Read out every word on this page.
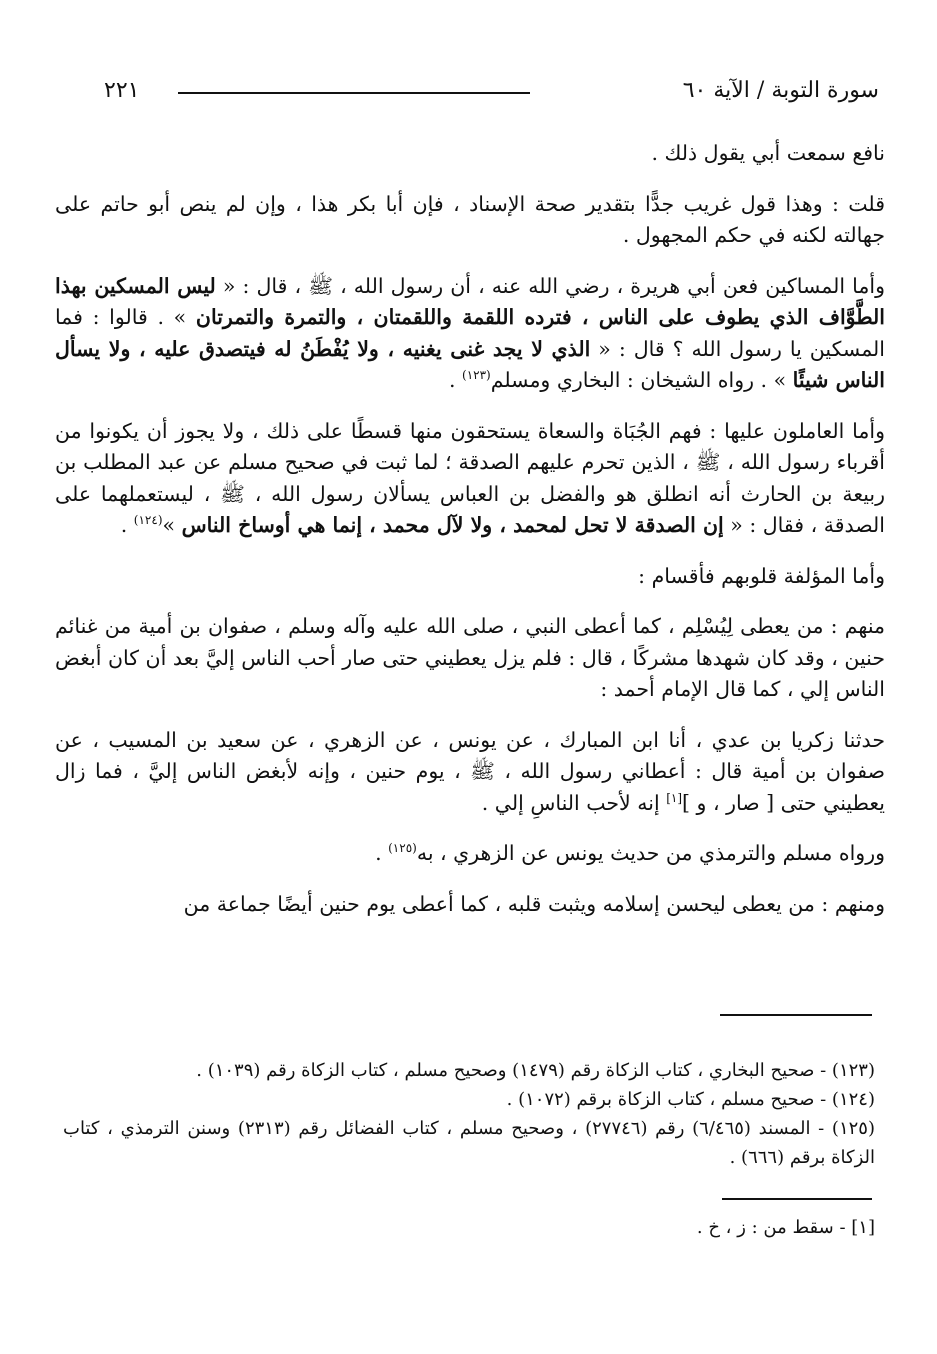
سورة التوبة / الآية ٦٠
٢٢١

نافع سمعت أبي يقول ذلك .

قلت : وهذا قول غريب جدًّا بتقدير صحة الإسناد ، فإن أبا بكر هذا ، وإن لم ينص أبو حاتم على جهالته لكنه في حكم المجهول .

وأما المساكين فعن أبي هريرة ، رضي الله عنه ، أن رسول الله ، ﷺ ، قال : « ليس المسكين بهذا الطَّوَّاف الذي يطوف على الناس ، فترده اللقمة واللقمتان ، والتمرة والتمرتان » . قالوا : فما المسكين يا رسول الله ؟ قال : « الذي لا يجد غنى يغنيه ، ولا يُفْطَنُ له فيتصدق عليه ، ولا يسأل الناس شيئًا » . رواه الشيخان : البخاري ومسلم$^{(١٢٣)}$ .

وأما العاملون عليها : فهم الجُبَاة والسعاة يستحقون منها قسطًا على ذلك ، ولا يجوز أن يكونوا من أقرباء رسول الله ، ﷺ ، الذين تحرم عليهم الصدقة ؛ لما ثبت في صحيح مسلم عن عبد المطلب بن ربيعة بن الحارث أنه انطلق هو والفضل بن العباس يسألان رسول الله ، ﷺ ، ليستعملهما على الصدقة ، فقال : « إن الصدقة لا تحل لمحمد ، ولا لآل محمد ، إنما هي أوساخ الناس »$^{(١٢٤)}$ .

وأما المؤلفة قلوبهم فأقسام :

منهم : من يعطى لِيُسْلِم ، كما أعطى النبي ، صلى الله عليه وآله وسلم ، صفوان بن أمية من غنائم حنين ، وقد كان شهدها مشركًا ، قال : فلم يزل يعطيني حتى صار أحب الناس إليَّ بعد أن كان أبغض الناس إلي ، كما قال الإمام أحمد :

حدثنا زكريا بن عدي ، أنا ابن المبارك ، عن يونس ، عن الزهري ، عن سعيد بن المسيب ، عن صفوان بن أمية قال : أعطاني رسول الله ، ﷺ ، يوم حنين ، وإنه لأبغض الناس إليَّ ، فما زال يعطيني حتى [ صار ، و ][١] إنه لأحب الناسِ إلي .

ورواه مسلم والترمذي من حديث يونس عن الزهري ، به$^{(١٢٥)}$ .

ومنهم : من يعطى ليحسن إسلامه ويثبت قلبه ، كما أعطى يوم حنين أيضًا جماعة من

(١٢٣) - صحيح البخاري ، كتاب الزكاة رقم (١٤٧٩) وصحيح مسلم ، كتاب الزكاة رقم (١٠٣٩) .

(١٢٤) - صحيح مسلم ، كتاب الزكاة برقم (١٠٧٢) .

(١٢٥) - المسند (٦/٤٦٥) رقم (٢٧٧٤٦) ، وصحيح مسلم ، كتاب الفضائل رقم (٢٣١٣) وسنن الترمذي ، كتاب الزكاة برقم (٦٦٦) .

[١] - سقط من : ز ، خ .
